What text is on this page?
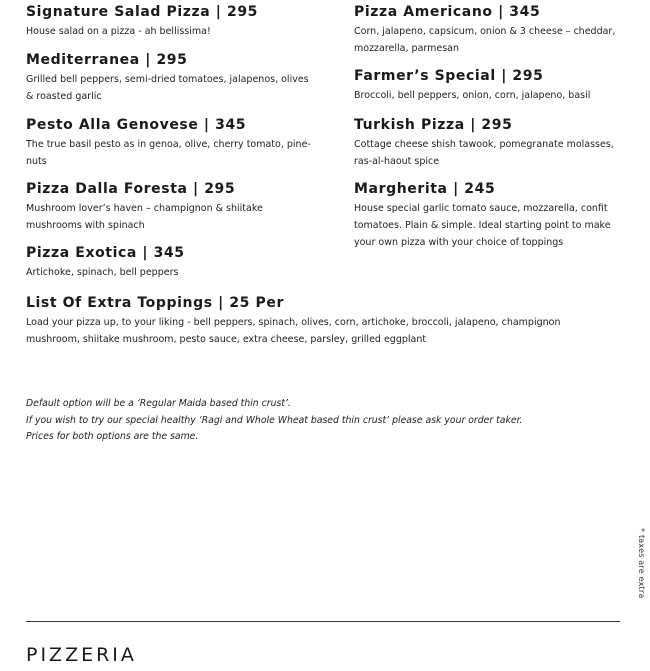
Signature Salad Pizza | 295

House salad on a pizza - ah bellissima!

Mediterranea | 295

Grilled bell peppers, semi-dried tomatoes, jalapenos, olives & roasted garlic

Pesto Alla Genovese | 345

The true basil pesto as in genoa, olive, cherry tomato, pine-nuts

Pizza Dalla Foresta | 295

Mushroom lover’s haven – champignon & shiitake mushrooms with spinach

Pizza Exotica | 345

Artichoke, spinach, bell peppers

Pizza Americano | 345

Corn, jalapeno, capsicum, onion & 3 cheese – cheddar, mozzarella, parmesan

Farmer’s Special | 295

Broccoli, bell peppers, onion, corn, jalapeno, basil

Turkish Pizza | 295

Cottage cheese shish tawook, pomegranate molasses, ras-al-haout spice

Margherita | 245

House special garlic tomato sauce, mozzarella, confit tomatoes. Plain & simple. Ideal starting point to make your own pizza with your choice of toppings

List Of Extra Toppings | 25 Per

Load your pizza up, to your liking - bell peppers, spinach, olives, corn, artichoke, broccoli, jalapeno, champignon mushroom, shiitake mushroom, pesto sauce, extra cheese, parsley, grilled eggplant

Default option will be a ‘Regular Maida based thin crust’.
If you wish to try our special healthy ‘Ragi and Whole Wheat based thin crust’ please ask your order taker.
Prices for both options are the same.
* taxes are extra
PIZZERIA
